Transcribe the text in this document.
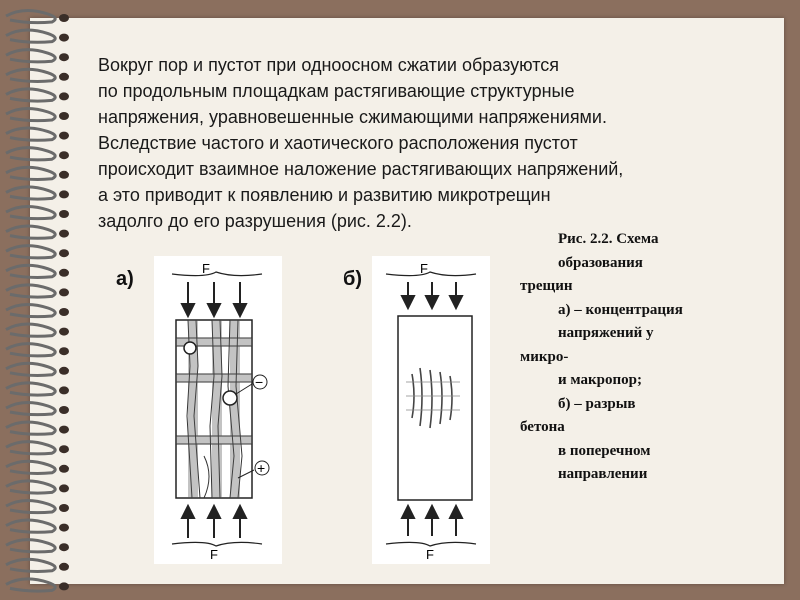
Вокруг пор и пустот при одноосном сжатии образуются
по продольным площадкам растягивающие структурные
напряжения, уравновешенные сжимающими напряжениями.
Вследствие частого и хаотического расположения пустот
происходит взаимное наложение растягивающих напряжений,
а это приводит к появлению и развитию микротрещин
задолго до его разрушения (рис. 2.2).
а)	б)
F
−
+
F
F
F
Рис. 2.2. Схема
образования
трещин
а) – концентрация
напряжений у
микро-
и макропор;
б) – разрыв
бетона
в поперечном
направлении
